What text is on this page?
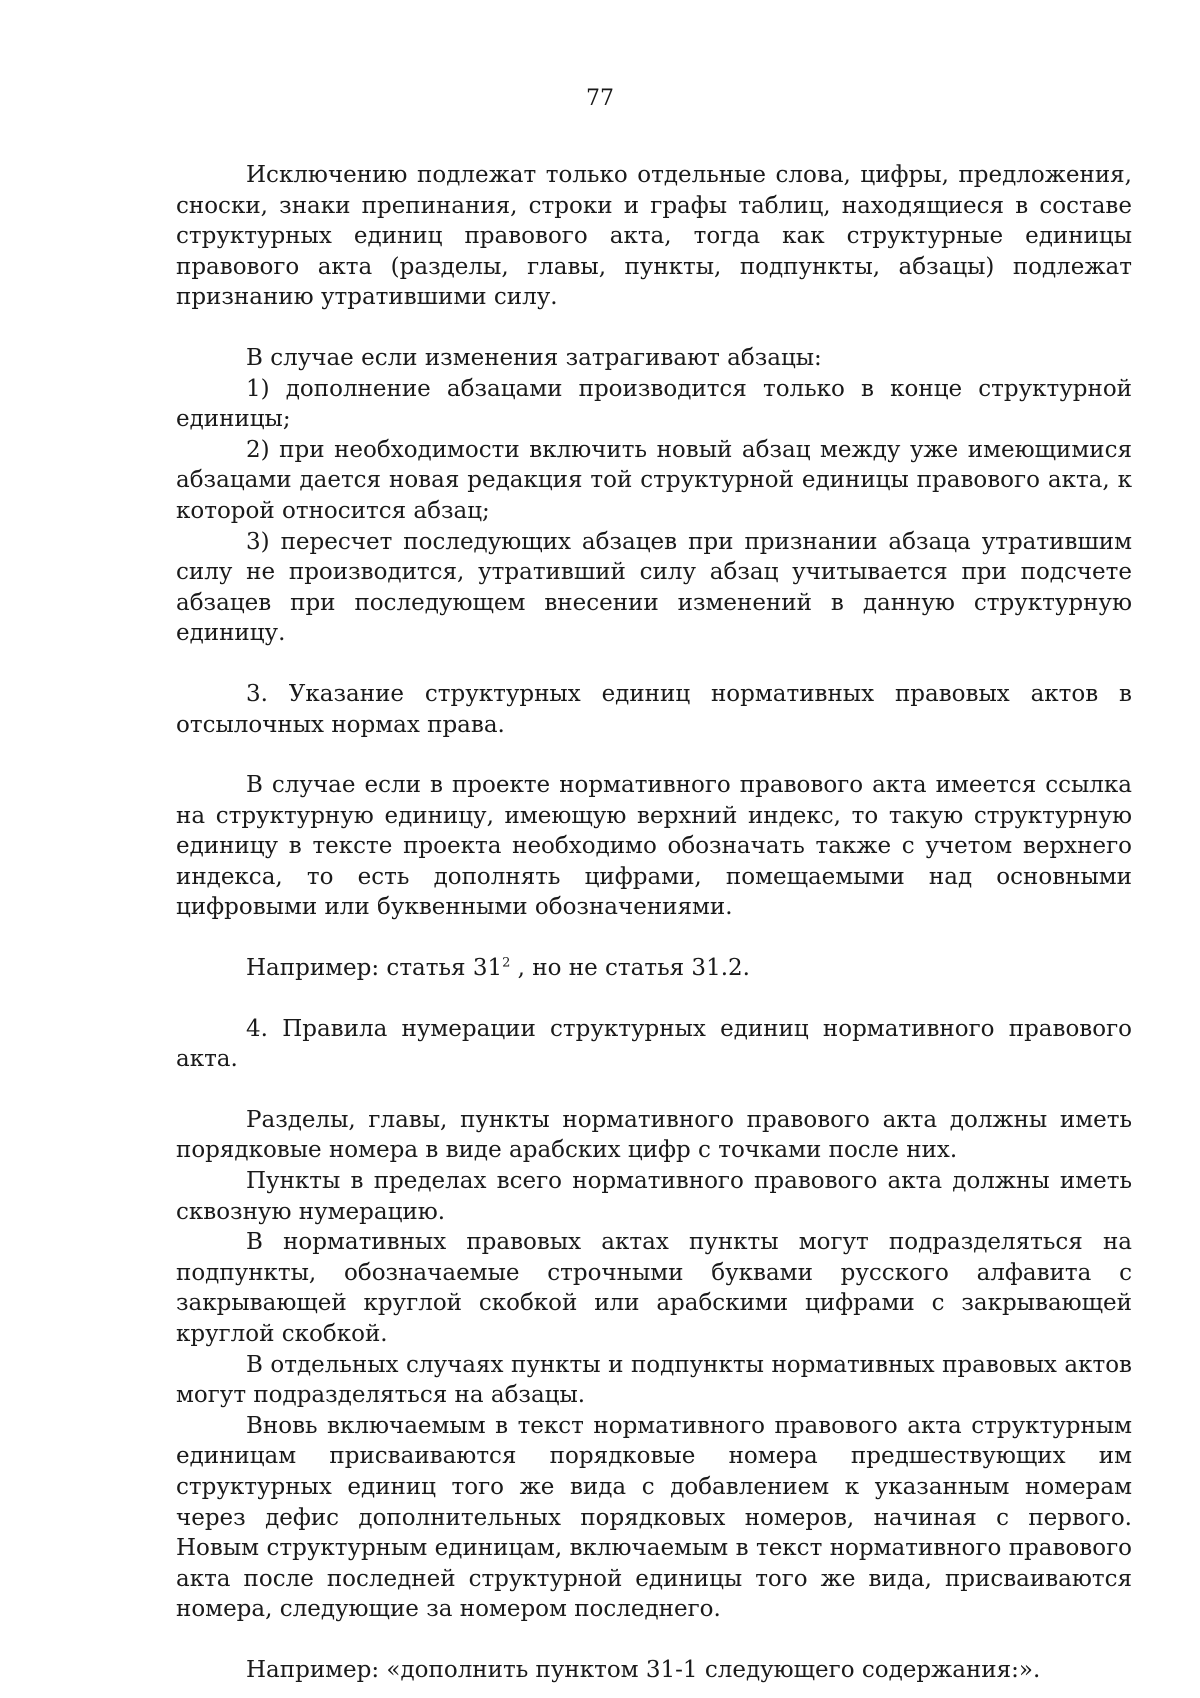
77

Исключению подлежат только отдельные слова, цифры, предложения, сноски, знаки препинания, строки и графы таблиц, находящиеся в составе структурных единиц правового акта, тогда как структурные единицы правового акта (разделы, главы, пункты, подпункты, абзацы) подлежат признанию утратившими силу.

В случае если изменения затрагивают абзацы:

1) дополнение абзацами производится только в конце структурной единицы;

2) при необходимости включить новый абзац между уже имеющимися абзацами дается новая редакция той структурной единицы правового акта, к которой относится абзац;

3) пересчет последующих абзацев при признании абзаца утратившим силу не производится, утративший силу абзац учитывается при подсчете абзацев при последующем внесении изменений в данную структурную единицу.

3. Указание структурных единиц нормативных правовых актов в отсылочных нормах права.

В случае если в проекте нормативного правового акта имеется ссылка на структурную единицу, имеющую верхний индекс, то такую структурную единицу в тексте проекта необходимо обозначать также с учетом верхнего индекса, то есть дополнять цифрами, помещаемыми над основными цифровыми или буквенными обозначениями.

Например: статья $31^2$ , но не статья 31.2.

4. Правила нумерации структурных единиц нормативного правового акта.

Разделы, главы, пункты нормативного правового акта должны иметь порядковые номера в виде арабских цифр с точками после них.

Пункты в пределах всего нормативного правового акта должны иметь сквозную нумерацию.

В нормативных правовых актах пункты могут подразделяться на подпункты, обозначаемые строчными буквами русского алфавита с закрывающей круглой скобкой или арабскими цифрами с закрывающей круглой скобкой.

В отдельных случаях пункты и подпункты нормативных правовых актов могут подразделяться на абзацы.

Вновь включаемым в текст нормативного правового акта структурным единицам присваиваются порядковые номера предшествующих им структурных единиц того же вида с добавлением к указанным номерам через дефис дополнительных порядковых номеров, начиная с первого. Новым структурным единицам, включаемым в текст нормативного правового акта после последней структурной единицы того же вида, присваиваются номера, следующие за номером последнего.

Например: «дополнить пунктом 31-1 следующего содержания:».
